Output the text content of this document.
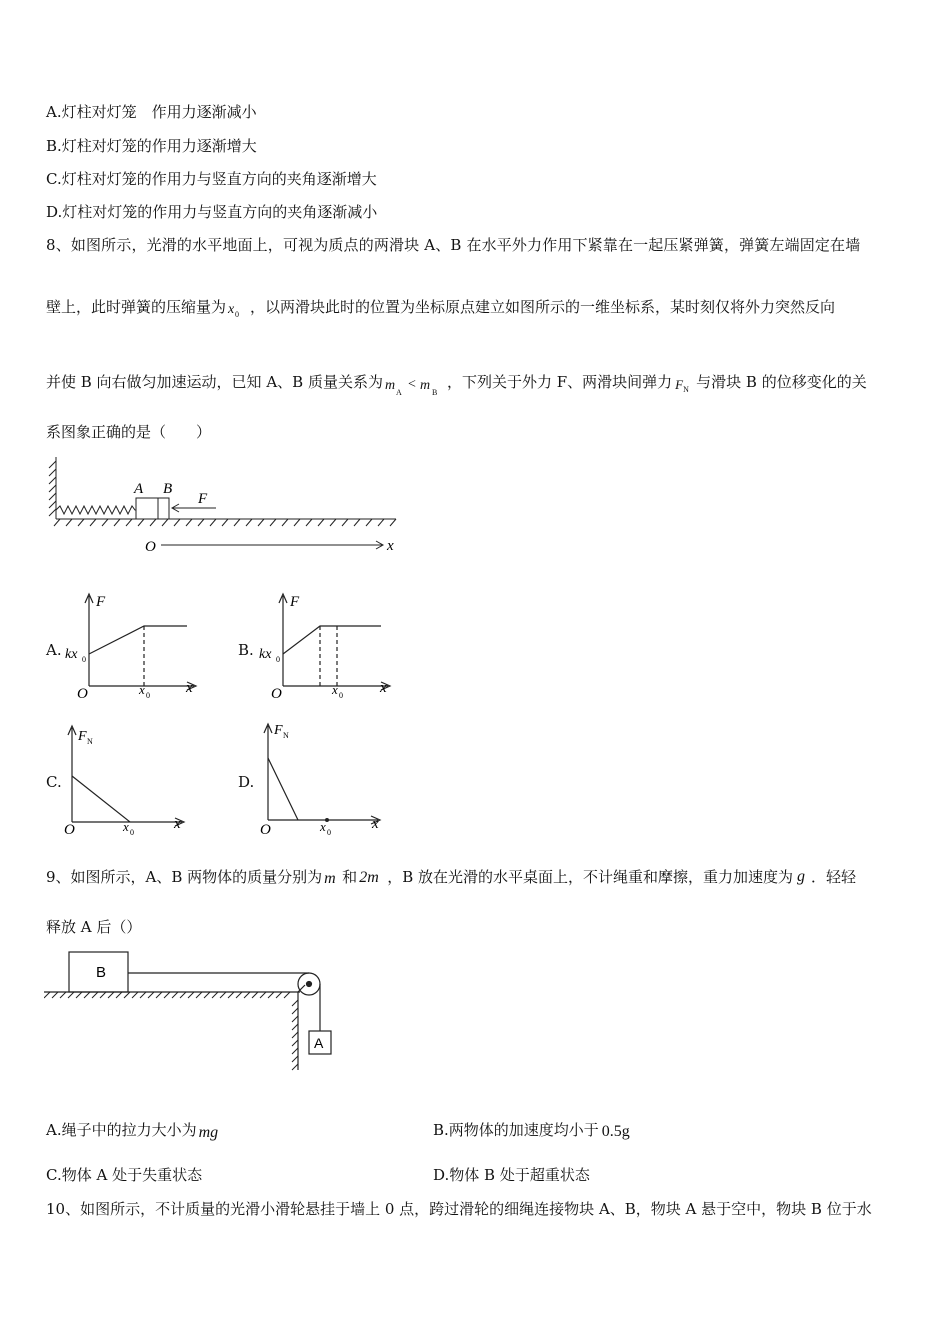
A.灯柱对灯笼　作用力逐渐减小
B.灯柱对灯笼的作用力逐渐增大
C.灯柱对灯笼的作用力与竖直方向的夹角逐渐增大
D.灯柱对灯笼的作用力与竖直方向的夹角逐渐减小
8、如图所示，光滑的水平地面上，可视为质点的两滑块 A、B 在水平外力作用下紧靠在一起压紧弹簧，弹簧左端固定在墙
壁上，此时弹簧的压缩量为 x 0 ，以两滑块此时的位置为坐标原点建立如图所示的一维坐标系，某时刻仅将外力突然反向
并使 B 向右做匀加速运动，已知 A、B 质量关系为 m A
< m B
，下列关于外力 F、两滑块间弹力 F N 与滑块 B 的位移变化的关
系图象正确的是（　　）
A B
F
O	x
A.
F
kx 0
O	x 0 x
B.
F
kx 0
O	x 0 x
C.
F N
O	x 0
x
D.
F N
O	x 0
x
9、如图所示，A、B 两物体的质量分别为 m 和 2m ，B 放在光滑的水平桌面上，不计绳重和摩擦，重力加速度为 g ．轻轻
释放 A 后（）
B
A
A.绳子中的拉力大小为 mg	B.两物体的加速度均小于 0.5g
C.物体 A 处于失重状态	D.物体 B 处于超重状态
10、如图所示，不计质量的光滑小滑轮悬挂于墙上 0 点，跨过滑轮的细绳连接物块 A、B，物块 A 悬于空中，物块 B 位于水
